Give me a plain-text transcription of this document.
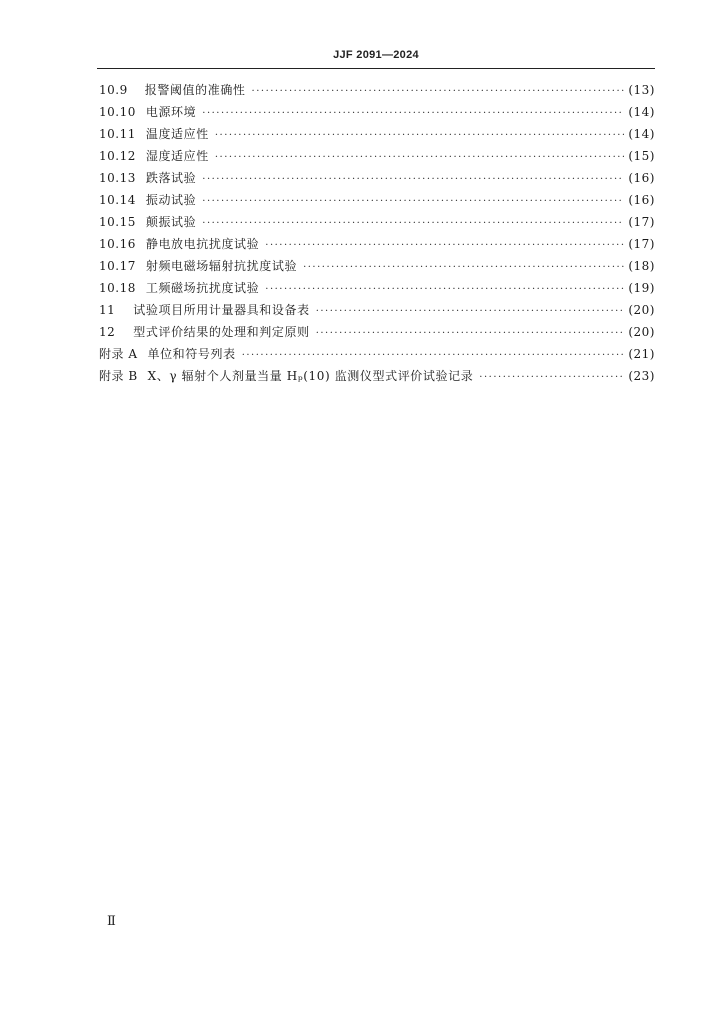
JJF 2091—2024
10.9	报警阈值的准确性 ·····	(13)
10.10 电源环境 ·····	(14)
10.11 温度适应性 ·····	(14)
10.12 湿度适应性 ·····	(15)
10.13 跌落试验 ·····	(16)
10.14 振动试验 ·····	(16)
10.15 颠振试验 ·····	(17)
10.16 静电放电抗扰度试验 ·····	(17)
10.17 射频电磁场辐射抗扰度试验 ·····	(18)
10.18 工频磁场抗扰度试验 ·····	(19)
11	试验项目所用计量器具和设备表 ·····	(20)
12	型式评价结果的处理和判定原则 ·····	(20)
附录 A 单位和符号列表 ·····	(21)
附录 B X、γ 辐射个人剂量当量 Hₚ(10) 监测仪型式评价试验记录 ·····	(23)
Ⅱ
